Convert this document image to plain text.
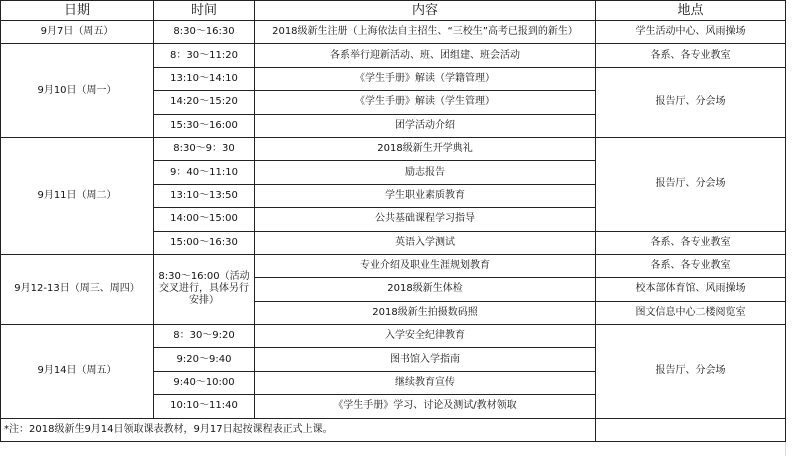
日期	时间	内容	地点
9月7日（周五）	8:30～16:30	2018级新生注册（上海依法自主招生、“三校生”高考已报到的新生）	学生活动中心、风雨操场
9月10日（周一）	8：30～11:20	各系举行迎新活动、班、团组建、班会活动	各系、各专业教室
	13:10～14:10	《学生手册》解读（学籍管理）	报告厅、分会场
	14:20～15:20	《学生手册》解读（学生管理）	
	15:30～16:00	团学活动介绍	
9月11日（周二）	8:30～9：30	2018级新生开学典礼	报告厅、分会场
	9：40～11:10	励志报告	
	13:10～13:50	学生职业素质教育	
	14:00～15:00	公共基础课程学习指导	
	15:00～16:30	英语入学测试	各系、各专业教室
9月12-13日（周三、周四）	8:30～16:00（活动交叉进行，具体另行安排）	专业介绍及职业生涯规划教育	各系、各专业教室
		2018级新生体检	校本部体育馆、风雨操场
		2018级新生拍摄数码照	图文信息中心二楼阅览室
9月14日（周五）	8：30～9:20	入学安全纪律教育	报告厅、分会场
	9:20～9:40	图书馆入学指南	
	9:40～10:00	继续教育宣传	
	10:10～11:40	《学生手册》学习、讨论及测试/教材领取	
*注：2018级新生9月14日领取课表教材，9月17日起按课程表正式上课。			
